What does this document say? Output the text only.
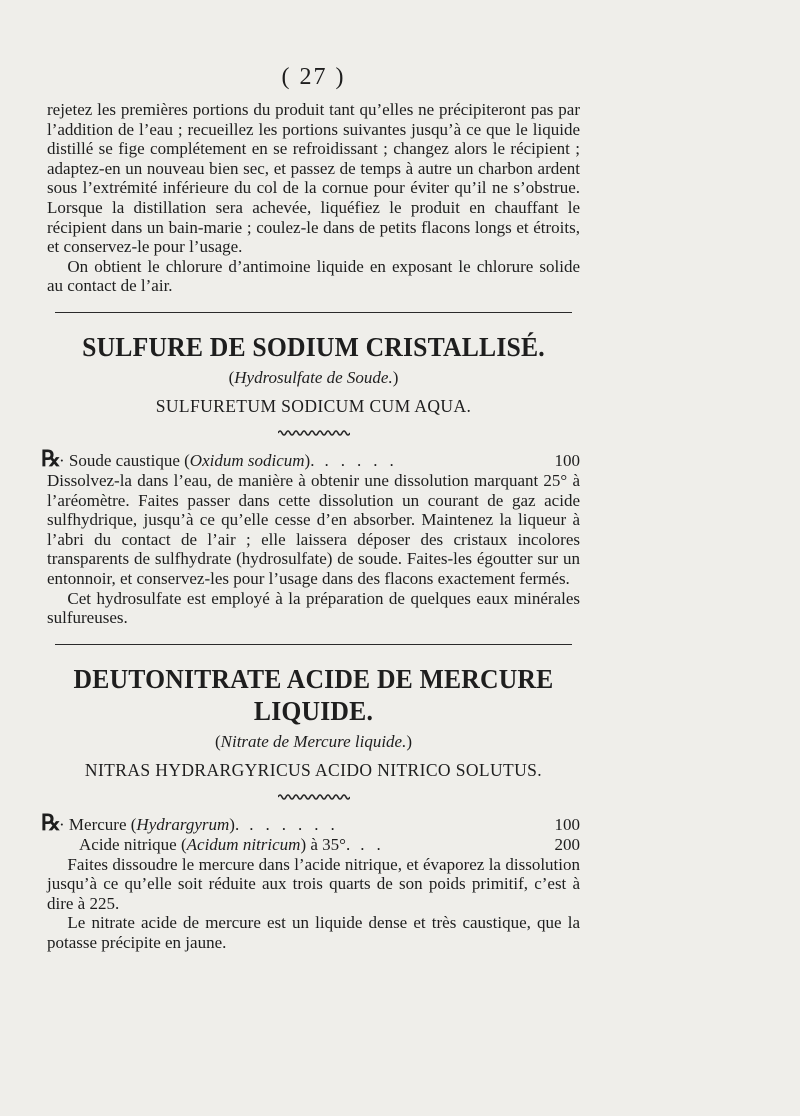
( 27 )

rejetez les premières portions du produit tant qu’elles ne précipiteront pas par l’addition de l’eau ; recueillez les portions suivantes jusqu’à ce que le liquide distillé se fige complétement en se refroidissant ; changez alors le récipient ; adaptez-en un nouveau bien sec, et passez de temps à autre un charbon ardent sous l’extrémité inférieure du col de la cornue pour éviter qu’il ne s’obstrue. Lorsque la distillation sera achevée, liquéfiez le produit en chauffant le récipient dans un bain-marie ; coulez-le dans de petits flacons longs et étroits, et conservez-le pour l’usage.

On obtient le chlorure d’antimoine liquide en exposant le chlorure solide au contact de l’air.

SULFURE DE SODIUM CRISTALLISÉ.
(Hydrosulfate de Soude.)
SULFURETUM SODICUM CUM AQUA.
℞
· Soude caustique (Oxidum sodicum). .....	100

Dissolvez-la dans l’eau, de manière à obtenir une dissolution marquant 25° à l’aréomètre. Faites passer dans cette dissolution un courant de gaz acide sulfhydrique, jusqu’à ce qu’elle cesse d’en absorber. Maintenez la liqueur à l’abri du contact de l’air ; elle laissera déposer des cristaux incolores transparents de sulfhydrate (hydrosulfate) de soude. Faites-les égoutter sur un entonnoir, et conservez-les pour l’usage dans des flacons exactement fermés.

Cet hydrosulfate est employé à la préparation de quelques eaux minérales sulfureuses.

DEUTONITRATE ACIDE DE MERCURE LIQUIDE.
(Nitrate de Mercure liquide.)
NITRAS HYDRARGYRICUS ACIDO NITRICO SOLUTUS.
℞
· Mercure (Hydrargyrum). ......	100
Acide nitrique (Acidum nitricum) à 35°. ..	200

Faites dissoudre le mercure dans l’acide nitrique, et évaporez la dissolution jusqu’à ce qu’elle soit réduite aux trois quarts de son poids primitif, c’est à dire à 225.

Le nitrate acide de mercure est un liquide dense et très caustique, que la potasse précipite en jaune.
